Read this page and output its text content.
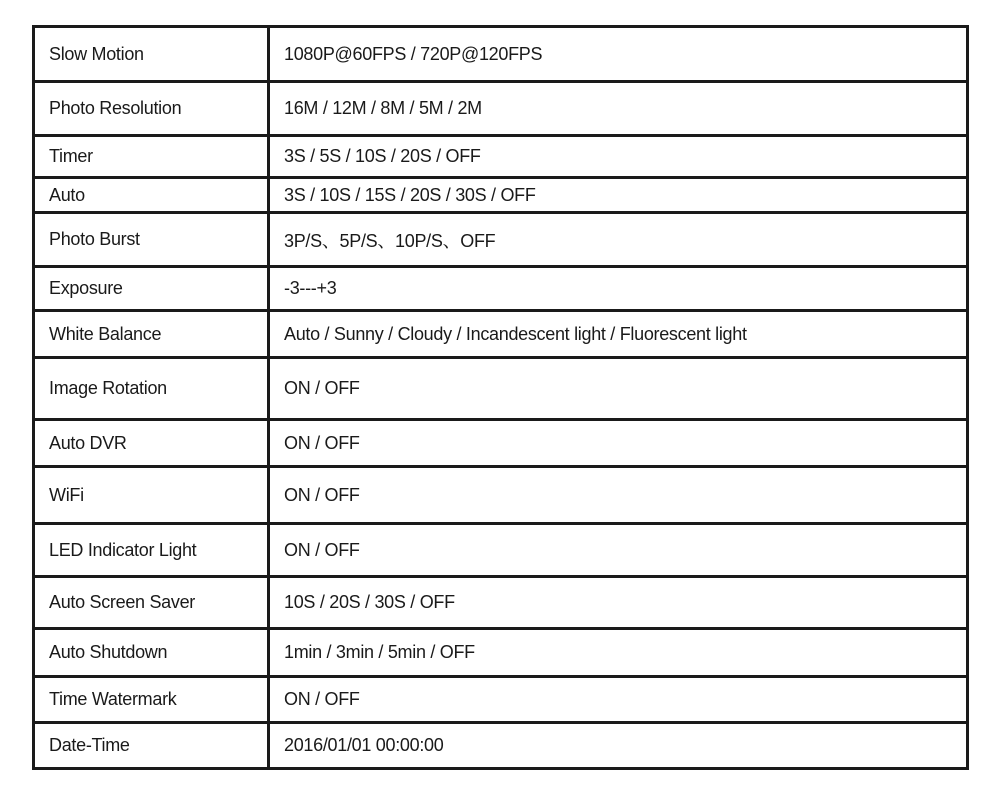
Slow Motion	1080P@60FPS / 720P@120FPS
Photo Resolution	16M / 12M / 8M / 5M / 2M
Timer	3S / 5S / 10S / 20S / OFF
Auto	3S / 10S / 15S / 20S / 30S / OFF
Photo Burst	3P/S、5P/S、10P/S、OFF
Exposure	-3---+3
White Balance	Auto / Sunny / Cloudy / Incandescent light / Fluorescent light
Image Rotation	ON / OFF
Auto DVR	ON / OFF
WiFi	ON / OFF
LED Indicator Light	ON / OFF
Auto Screen Saver	10S / 20S / 30S / OFF
Auto Shutdown	1min / 3min / 5min / OFF
Time Watermark	ON / OFF
Date-Time	2016/01/01 00:00:00
